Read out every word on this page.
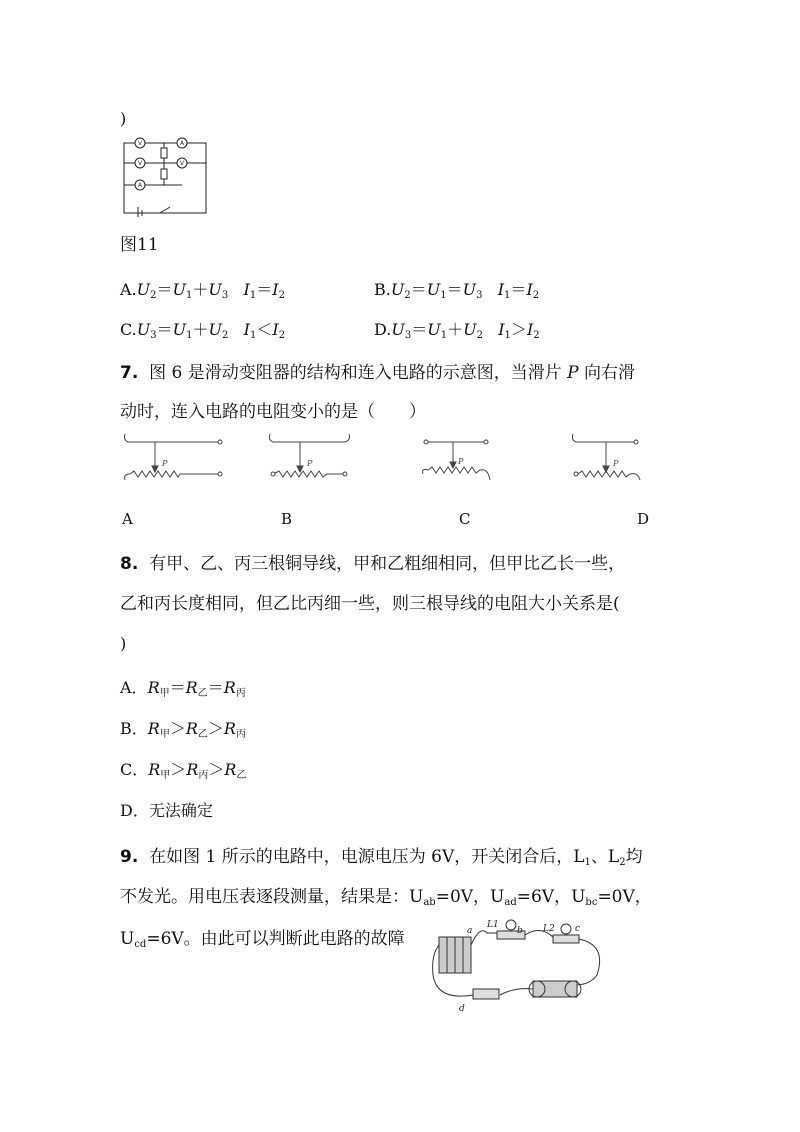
)
V	A
V	V
A
图11
$A.U_2=U_1+U_3$ $I_1=I_2$	$B.U_2=U_1=U_3$ $I_1=I_2$
$C.U_3=U_1+U_2$ $I_1<I_2$	$D.U_3=U_1+U_2$ $I_1>I_2$
7. 图 6 是滑动变阻器的结构和连入电路的示意图，当滑片 P 向右滑
动时，连入电路的电阻变小的是（　　）
P	P	P	P
A	B	C	D
8. 有甲、乙、丙三根铜导线，甲和乙粗细相同，但甲比乙长一些，
乙和丙长度相同，但乙比丙细一些，则三根导线的电阻大小关系是(
)
A．$R_甲=R_乙=R_丙$
B．$R_甲>R_乙>R_丙$
C．$R_甲>R_丙>R_乙$
D．无法确定
9. 在如图 1 所示的电路中，电源电压为 6V，开关闭合后，$L_1$、$L_2$均
不发光。用电压表逐段测量，结果是：$U_{ab}=0V$，$U_{ad}=6V$，$U_{bc}=0V$，
$U_{cd}=6V$。由此可以判断此电路的故障	a
L1
b L2 c
d
